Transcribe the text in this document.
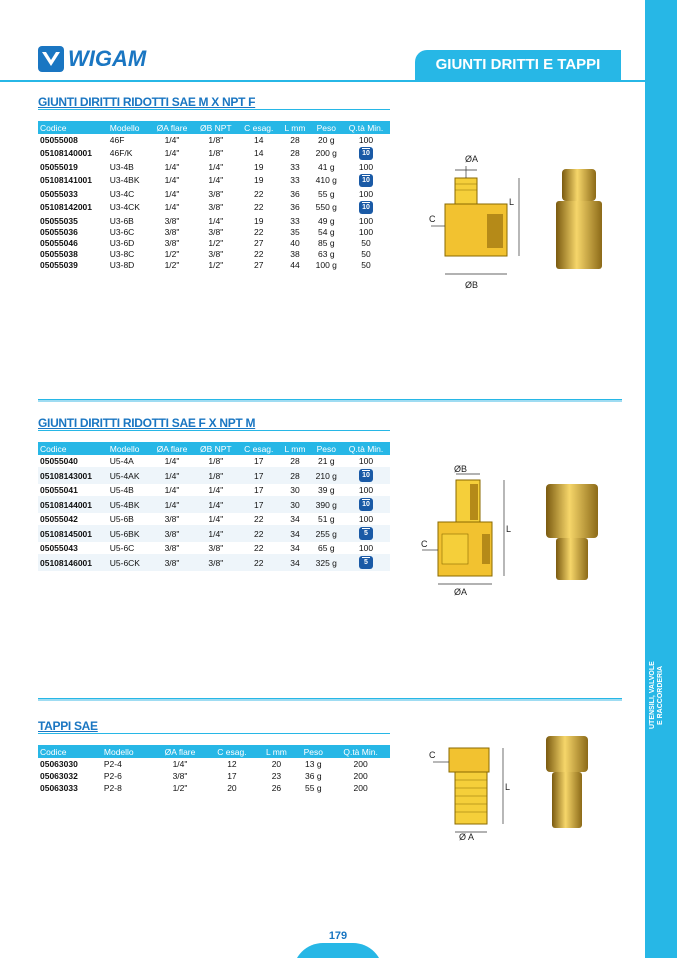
UTENSILI, VALVOLE
E RACCORDERIA
WIGAM	GIUNTI DRITTI E TAPPI
GIUNTI DIRITTI RIDOTTI SAE M X NPT F
Codice	Modello	ØA flare	ØB NPT	C esag.	L mm	Peso	Q.tà Min.
05055008	46F	1/4"	1/8"	14	28	20 g	100
05108140001	46F/K	1/4"	1/8"	14	28	200 g	10
05055019	U3-4B	1/4"	1/4"	19	33	41 g	100
05108141001	U3-4BK	1/4"	1/4"	19	33	410 g	10
05055033	U3-4C	1/4"	3/8"	22	36	55 g	100
05108142001	U3-4CK	1/4"	3/8"	22	36	550 g	10
05055035	U3-6B	3/8"	1/4"	19	33	49 g	100
05055036	U3-6C	3/8"	3/8"	22	35	54 g	100
05055046	U3-6D	3/8"	1/2"	27	40	85 g	50
05055038	U3-8C	1/2"	3/8"	22	38	63 g	50
05055039	U3-8D	1/2"	1/2"	27	44	100 g	50
ØA
ØB
C
L
GIUNTI DIRITTI RIDOTTI SAE F X NPT M
Codice	Modello	ØA flare	ØB NPT	C esag.	L mm	Peso	Q.tà Min.
05055040	U5-4A	1/4"	1/8"	17	28	21 g	100
05108143001	U5-4AK	1/4"	1/8"	17	28	210 g	10
05055041	U5-4B	1/4"	1/4"	17	30	39 g	100
05108144001	U5-4BK	1/4"	1/4"	17	30	390 g	10
05055042	U5-6B	3/8"	1/4"	22	34	51 g	100
05108145001	U5-6BK	3/8"	1/4"	22	34	255 g	5
05055043	U5-6C	3/8"	3/8"	22	34	65 g	100
05108146001	U5-6CK	3/8"	3/8"	22	34	325 g	5
ØB
ØA
C
L
TAPPI SAE
Codice	Modello	ØA flare	C esag.	L mm	Peso	Q.tà Min.
05063030	P2-4	1/4"	12	20	13 g	200
05063032	P2-6	3/8"	17	23	36 g	200
05063033	P2-8	1/2"	20	26	55 g	200
C
Ø A
L
179
